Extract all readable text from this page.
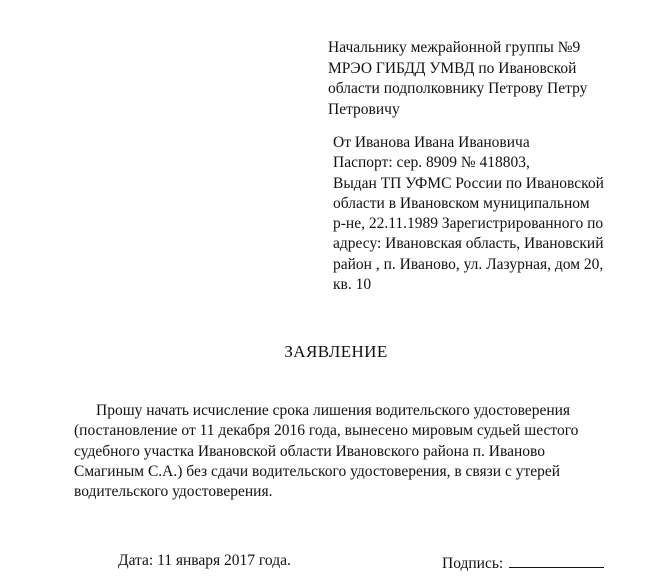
Начальнику межрайонной группы №9
МРЭО ГИБДД УМВД по Ивановской
области подполковнику Петрову Петру
Петровичу
От Иванова Ивана Ивановича
Паспорт: сер. 8909 № 418803,
Выдан ТП УФМС России по Ивановской
области в Ивановском муниципальном
р-не, 22.11.1989 Зарегистрированного по
адресу: Ивановская область, Ивановский
район , п. Иваново, ул. Лазурная, дом 20,
кв. 10
ЗАЯВЛЕНИЕ
Прошу начать исчисление срока лишения водительского удостоверения
(постановление от 11 декабря 2016 года, вынесено мировым судьей шестого
судебного участка Ивановской области Ивановского района п. Иваново
Смагиным С.А.) без сдачи водительского удостоверения, в связи с утерей
водительского удостоверения.
Дата: 11 января 2017 года.	Подпись:
